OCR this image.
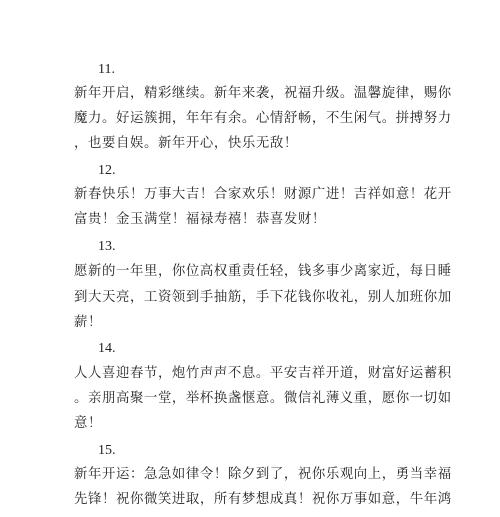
11.
新年开启，精彩继续。新年来袭，祝福升级。温馨旋律，赐你
魔力。好运簇拥，年年有余。心情舒畅，不生闲气。拼搏努力
，也要自娱。新年开心，快乐无敌！
12.
新春快乐！万事大吉！合家欢乐！财源广进！吉祥如意！花开
富贵！金玉满堂！福禄寿禧！恭喜发财！
13.
愿新的一年里，你位高权重责任轻，钱多事少离家近，每日睡
到大天亮，工资领到手抽筋，手下花钱你收礼，别人加班你加
薪！
14.
人人喜迎春节，炮竹声声不息。平安吉祥开道，财富好运蓄积
。亲朋高聚一堂，举杯换盏惬意。微信礼薄义重，愿你一切如
意！
15.
新年开运：急急如律令！除夕到了，祝你乐观向上，勇当幸福
先锋！祝你微笑进取，所有梦想成真！祝你万事如意，牛年鸿
